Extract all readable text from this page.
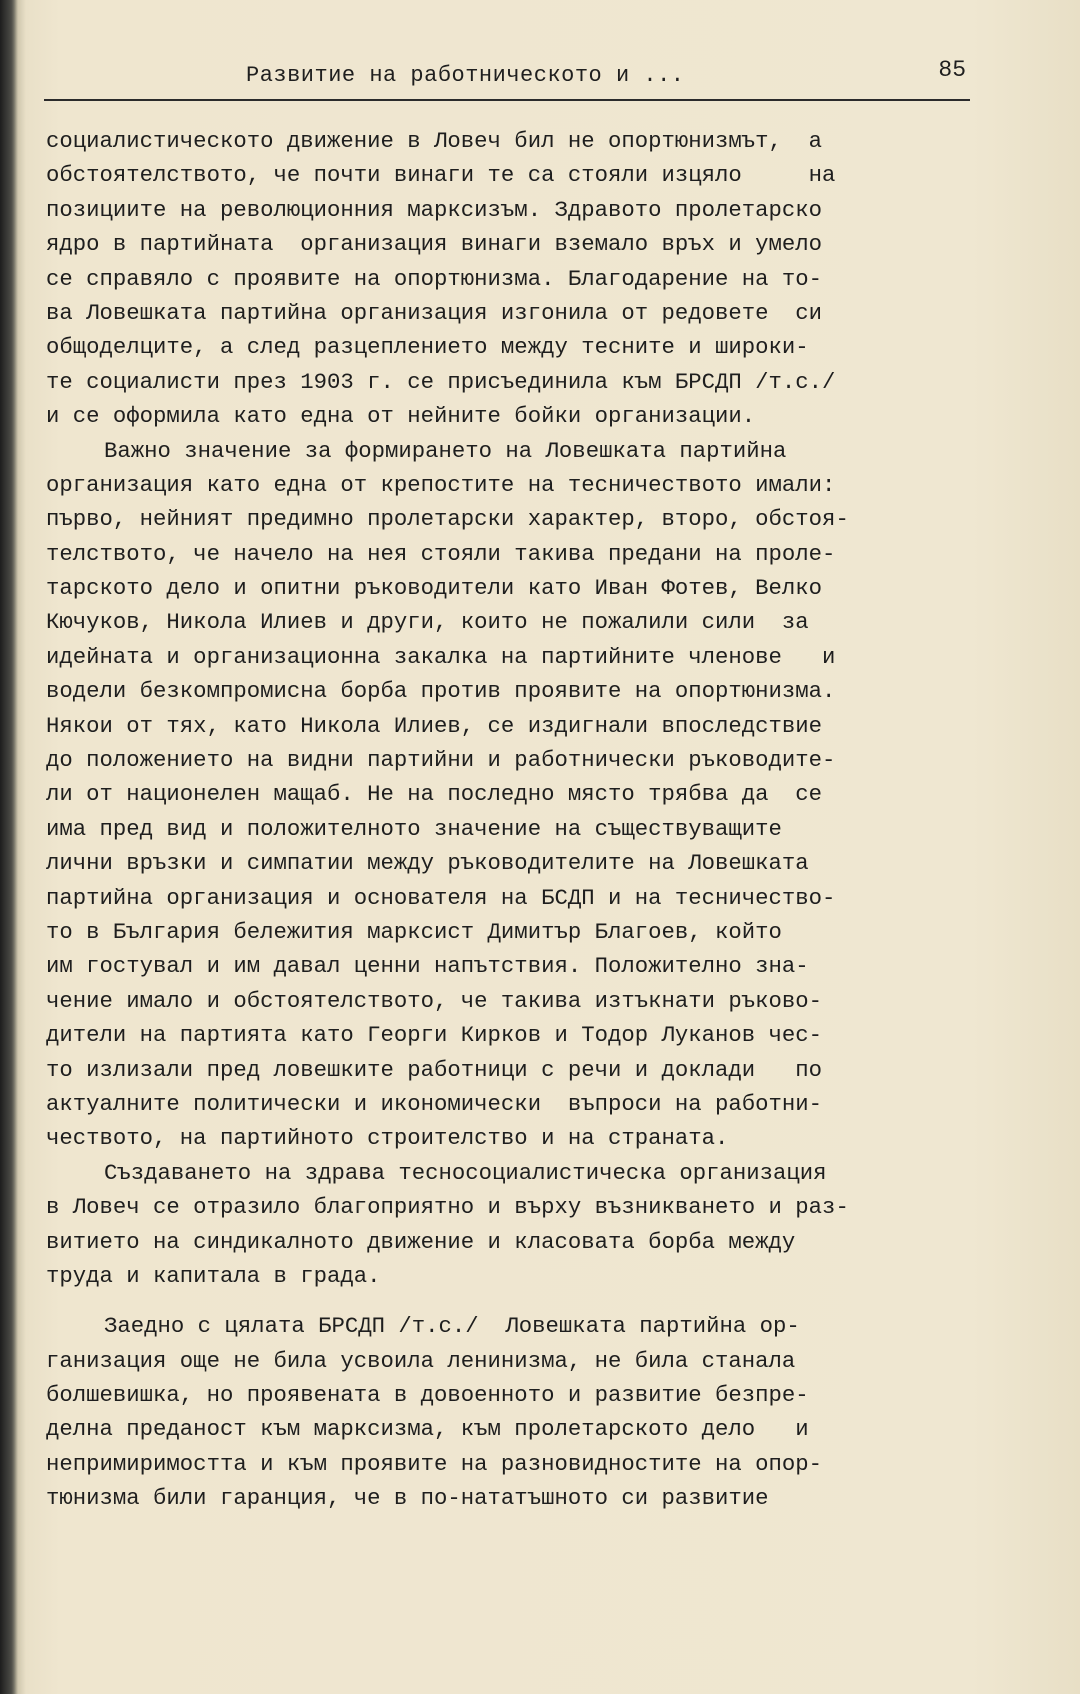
Развитие на работническото и ...	85
социалистическото движение в Ловеч бил не опортюнизмът,  а
обстоятелството, че почти винаги те са стояли изцяло     на
позициите на революционния марксизъм. Здравото пролетарско
ядро в партийната  организация винаги вземало връх и умело
се справяло с проявите на опортюнизма. Благодарение на то-
ва Ловешката партийна организация изгонила от редовете  си
общоделците, а след разцеплението между тесните и широки-
те социалисти през 1903 г. се присъединила към БРСДП /т.с./
и се оформила като една от нейните бойки организации.
Важно значение за формирането на Ловешката партийна
организация като една от крепостите на тесничеството имали:
първо, нейният предимно пролетарски характер, второ, обстоя-
телството, че начело на нея стояли такива предани на проле-
тарското дело и опитни ръководители като Иван Фотев, Велко
Кючуков, Никола Илиев и други, които не пожалили сили  за
идейната и организационна закалка на партийните членове   и
водели безкомпромисна борба против проявите на опортюнизма.
Някои от тях, като Никола Илиев, се издигнали впоследствие
до положението на видни партийни и работнически ръководите-
ли от национелен мащаб. Не на последно място трябва да  се
има пред вид и положителното значение на съществуващите
лични връзки и симпатии между ръководителите на Ловешката
партийна организация и основателя на БСДП и на тесничество-
то в България бележития марксист Димитър Благоев, който
им гостувал и им давал ценни напътствия. Положително зна-
чение имало и обстоятелството, че такива изтъкнати ръково-
дители на партията като Георги Кирков и Тодор Луканов чес-
то излизали пред ловешките работници с речи и доклади   по
актуалните политически и икономически  въпроси на работни-
чеството, на партийното строителство и на страната.
Създаването на здрава тесносоциалистическа организация
в Ловеч се отразило благоприятно и върху възникването и раз-
витието на синдикалното движение и класовата борба между
труда и капитала в града.
Заедно с цялата БРСДП /т.с./  Ловешката партийна ор-
ганизация още не била усвоила ленинизма, не била станала
болшевишка, но проявената в довоенното и развитие безпре-
делна преданост към марксизма, към пролетарското дело   и
непримиримостта и към проявите на разновидностите на опор-
тюнизма били гаранция, че в по-нататъшното си развитие
